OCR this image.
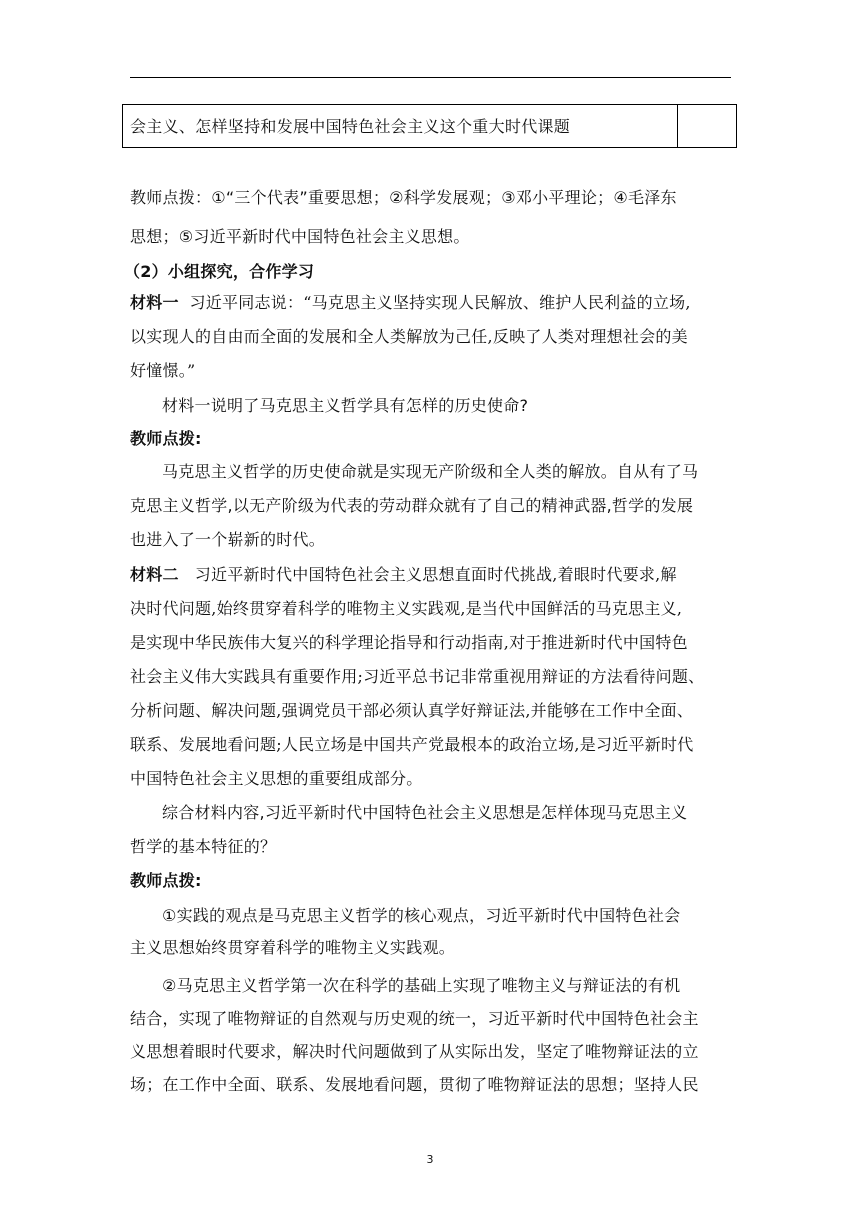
会主义、怎样坚持和发展中国特色社会主义这个重大时代课题
教师点拨：①“三个代表”重要思想；②科学发展观；③邓小平理论；④毛泽东
思想；⑤习近平新时代中国特色社会主义思想。
（2）小组探究，合作学习
材料一 习近平同志说：“马克思主义坚持实现人民解放、维护人民利益的立场,
以实现人的自由而全面的发展和全人类解放为己任,反映了人类对理想社会的美
好憧憬。”
材料一说明了马克思主义哲学具有怎样的历史使命?
教师点拨:
马克思主义哲学的历史使命就是实现无产阶级和全人类的解放。自从有了马
克思主义哲学,以无产阶级为代表的劳动群众就有了自己的精神武器,哲学的发展
也进入了一个崭新的时代。
材料二 习近平新时代中国特色社会主义思想直面时代挑战,着眼时代要求,解
决时代问题,始终贯穿着科学的唯物主义实践观,是当代中国鲜活的马克思主义,
是实现中华民族伟大复兴的科学理论指导和行动指南,对于推进新时代中国特色
社会主义伟大实践具有重要作用;习近平总书记非常重视用辩证的方法看待问题、
分析问题、解决问题,强调党员干部必须认真学好辩证法,并能够在工作中全面、
联系、发展地看问题;人民立场是中国共产党最根本的政治立场,是习近平新时代
中国特色社会主义思想的重要组成部分。
综合材料内容,习近平新时代中国特色社会主义思想是怎样体现马克思主义
哲学的基本特征的？
教师点拨:
①实践的观点是马克思主义哲学的核心观点，习近平新时代中国特色社会
主义思想始终贯穿着科学的唯物主义实践观。
②马克思主义哲学第一次在科学的基础上实现了唯物主义与辩证法的有机
结合，实现了唯物辩证的自然观与历史观的统一，习近平新时代中国特色社会主
义思想着眼时代要求，解决时代问题做到了从实际出发，坚定了唯物辩证法的立
场；在工作中全面、联系、发展地看问题，贯彻了唯物辩证法的思想；坚持人民
3
